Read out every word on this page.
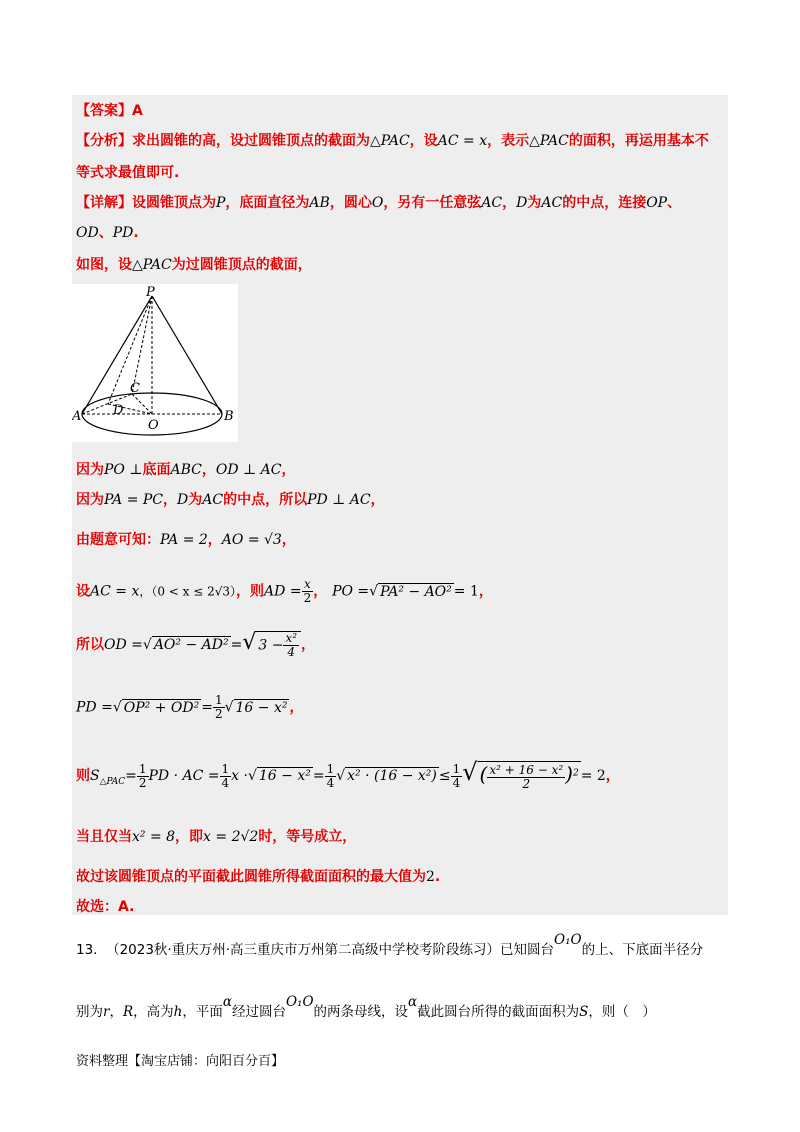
【答案】A
【分析】求出圆锥的高，设过圆锥顶点的截面为△PAC，设AC = x，表示△PAC的面积，再运用基本不
等式求最值即可.
【详解】设圆锥顶点为P，底面直径为AB，圆心O，另有一任意弦AC，D为AC的中点，连接OP、
OD、PD.
如图，设△PAC为过圆锥顶点的截面，
P
A	B
O
C
D
因为PO ⊥底面ABC，OD ⊥ AC，
因为PA = PC，D为AC的中点，所以PD ⊥ AC，
由题意可知：PA = 2，AO = √3，
设AC = x，（0 < x ≤ 2√3），则AD = $\frac{x}{2}$ ， PO =√ PA² − AO² = 1，
所以OD =√ AO² − AD² =√ $3 - \frac{\text{x²}}{4}$ ，
PD =√ $OP^2 + OD^2 = \frac{1}{2}$ √ 16 − x² ，
则$S_{\triangle PAC}= \frac{1}{2}$ PD · AC = $\frac{1}{4}$ x ·√ $16 - x^2 = \frac{1}{4}$ √ $x^2 \cdot (16 - x^2) \le \frac{1}{4}$ √ ( $\frac{\text{x² + 16 − x²}}{2} )^2 = 2$，
当且仅当x² = 8，即x = 2√2时，等号成立，
故过该圆锥顶点的平面截此圆锥所得截面面积的最大值为2.
故选：A.
13. （2023秋·重庆万州·高三重庆市万州第二高级中学校考阶段练习）已知圆台O₁O的上、下底面半径分
别为r，R，高为h，平面α经过圆台O₁O的两条母线，设α截此圆台所得的截面面积为S，则（　）
资料整理【淘宝店铺：向阳百分百】
